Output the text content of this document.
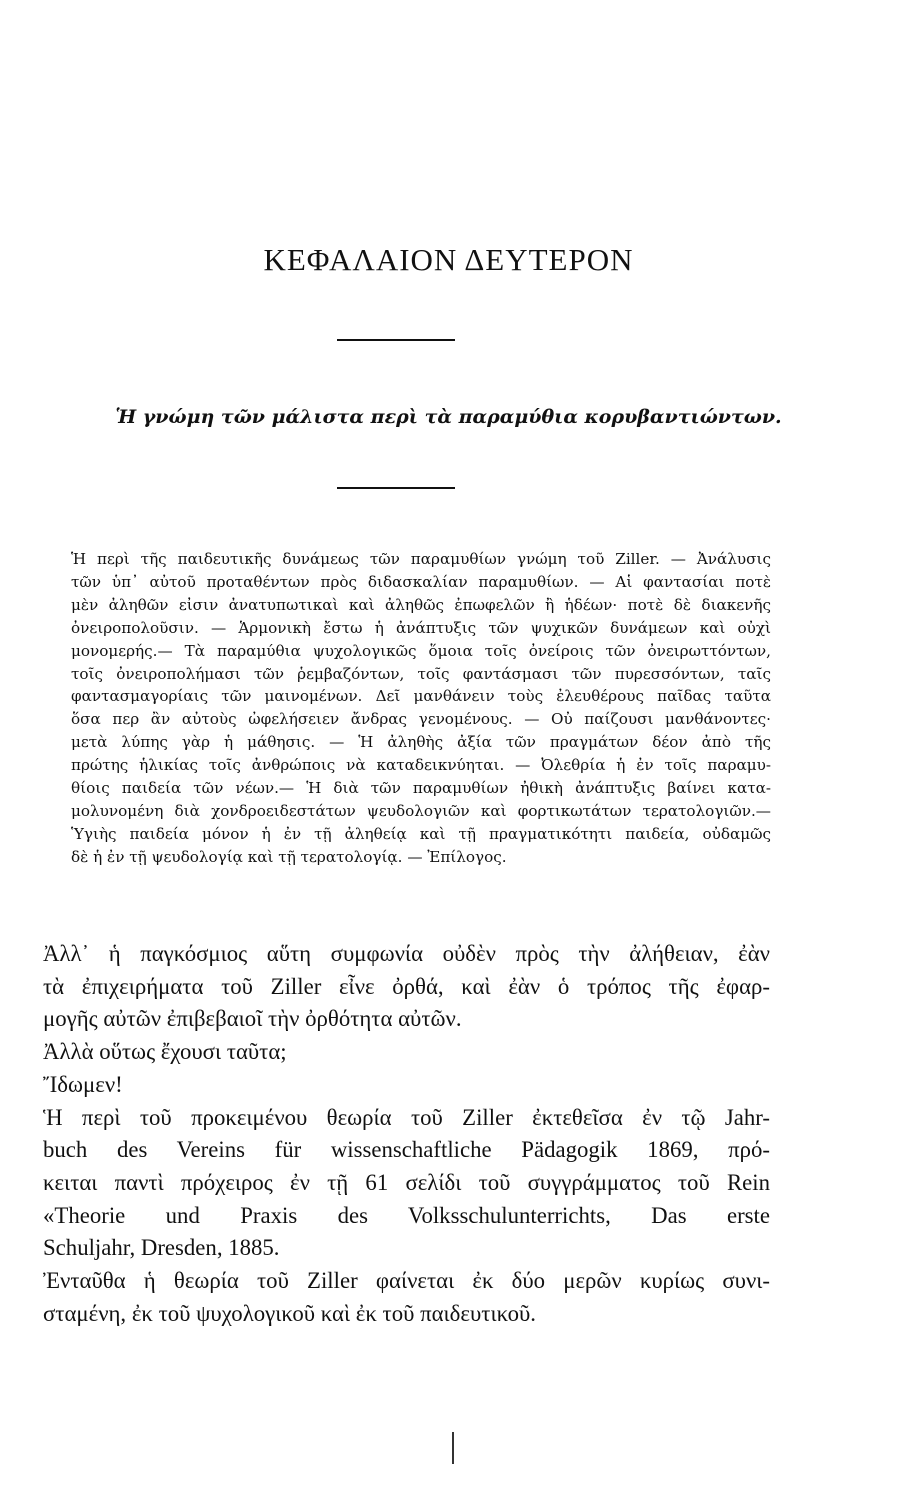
ΚΕΦΑΛΑΙΟΝ ΔΕΥΤΕΡΟΝ
Ἡ γνώμη τῶν μάλιστα περὶ τὰ παραμύθια κορυβαντιώντων.
Ἡ περὶ τῆς παιδευτικῆς δυνάμεως τῶν παραμυθίων γνώμη τοῦ Ziller. — Ἀνάλυσις
τῶν ὑπ᾽ αὐτοῦ προταθέντων πρὸς διδασκαλίαν παραμυθίων. — Αἱ φαντασίαι ποτὲ
μὲν ἀληθῶν εἰσιν ἀνατυπωτικαὶ καὶ ἀληθῶς ἐπωφελῶν ἢ ἡδέων· ποτὲ δὲ διακενῆς
ὀνειροπολοῦσιν. — Ἁρμονικὴ ἔστω ἡ ἀνάπτυξις τῶν ψυχικῶν δυνάμεων καὶ οὐχὶ
μονομερής.— Τὰ παραμύθια ψυχολογικῶς ὅμοια τοῖς ὀνείροις τῶν ὀνειρωττόντων,
τοῖς ὀνειροπολήμασι τῶν ῥεμβαζόντων, τοῖς φαντάσμασι τῶν πυρεσσόντων, ταῖς
φαντασμαγορίαις τῶν μαινομένων. Δεῖ μανθάνειν τοὺς ἐλευθέρους παῖδας ταῦτα
ὅσα περ ἂν αὐτοὺς ὠφελήσειεν ἄνδρας γενομένους. — Οὐ παίζουσι μανθάνοντες·
μετὰ λύπης γὰρ ἡ μάθησις. — Ἡ ἀληθὴς ἀξία τῶν πραγμάτων δέον ἀπὸ τῆς
πρώτης ἡλικίας τοῖς ἀνθρώποις νὰ καταδεικνύηται. — Ὀλεθρία ἡ ἐν τοῖς παραμυ-
θίοις παιδεία τῶν νέων.— Ἡ διὰ τῶν παραμυθίων ἠθικὴ ἀνάπτυξις βαίνει κατα-
μολυνομένη διὰ χονδροειδεστάτων ψευδολογιῶν καὶ φορτικωτάτων τερατολογιῶν.—
Ὑγιὴς παιδεία μόνον ἡ ἐν τῇ ἀληθείᾳ καὶ τῇ πραγματικότητι παιδεία, οὐδαμῶς
δὲ ἡ ἐν τῇ ψευδολογίᾳ καὶ τῇ τερατολογίᾳ. — Ἐπίλογος.
Ἀλλ᾽ ἡ παγκόσμιος αὕτη συμφωνία οὐδὲν πρὸς τὴν ἀλήθειαν, ἐὰν
τὰ ἐπιχειρήματα τοῦ Ziller εἶνε ὀρθά, καὶ ἐὰν ὁ τρόπος τῆς ἐφαρ-
μογῆς αὐτῶν ἐπιβεβαιοῖ τὴν ὀρθότητα αὐτῶν.
Ἀλλὰ οὕτως ἔχουσι ταῦτα;
Ἴδωμεν!
Ἡ περὶ τοῦ προκειμένου θεωρία τοῦ Ziller ἐκτεθεῖσα ἐν τῷ Jahr-
buch des Vereins für wissenschaftliche Pädagogik 1869, πρό-
κειται παντὶ πρόχειρος ἐν τῇ 61 σελίδι τοῦ συγγράμματος τοῦ Rein
«Theorie und Praxis des Volksschulunterrichts, Das erste
Schuljahr, Dresden, 1885.
Ἐνταῦθα ἡ θεωρία τοῦ Ziller φαίνεται ἐκ δύο μερῶν κυρίως συνι-
σταμένη, ἐκ τοῦ ψυχολογικοῦ καὶ ἐκ τοῦ παιδευτικοῦ.
